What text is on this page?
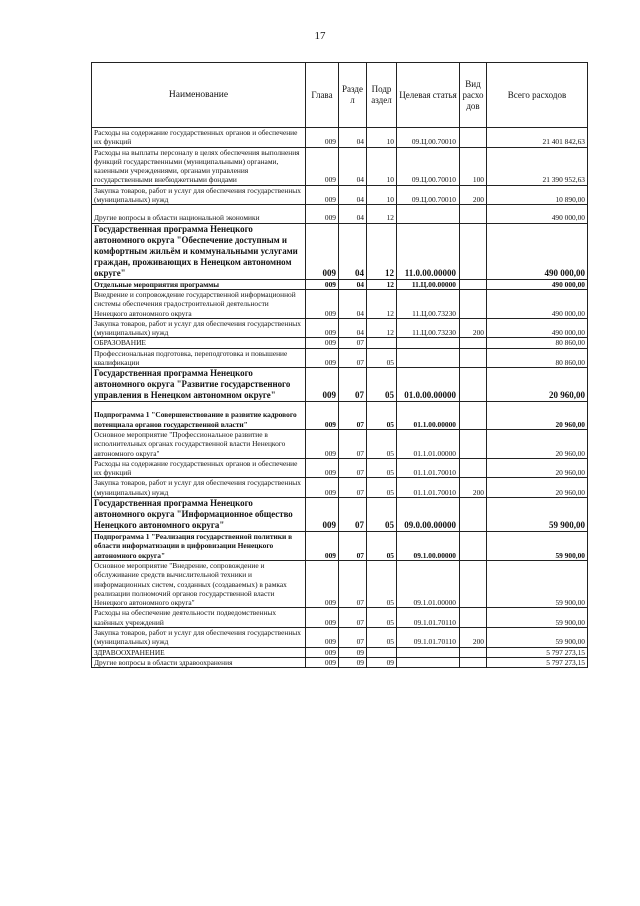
17
Наименование	Глава	Разде л	Подр аздел	Целевая статья	Вид расхо дов	Всего расходов
Расходы на содержание государственных органов и обеспечение их функций	009	04	10	09.Ц.00.70010		21 401 842,63
Расходы на выплаты персоналу в целях обеспечения выполнения функций государственными (муниципальными) органами, казенными учреждениями, органами управления государственными внебюджетными фондами	009	04	10	09.Ц.00.70010	100	21 390 952,63
Закупка товаров, работ и услуг для обеспечения государственных (муниципальных) нужд	009	04	10	09.Ц.00.70010	200	10 890,00
Другие вопросы в области национальной экономики	009	04	12			490 000,00
Государственная программа Ненецкого автономного округа "Обеспечение доступным и комфортным жильём и коммунальными услугами граждан, проживающих в Ненецком автономном округе"	009	04	12	11.0.00.00000		490 000,00
Отдельные мероприятия программы	009	04	12	11.Ц.00.00000		490 000,00
Внедрение и сопровождение государственной информационной системы обеспечения градостроительной деятельности Ненецкого автономного округа	009	04	12	11.Ц.00.73230		490 000,00
Закупка товаров, работ и услуг для обеспечения государственных (муниципальных) нужд	009	04	12	11.Ц.00.73230	200	490 000,00
ОБРАЗОВАНИЕ	009	07				80 860,00
Профессиональная подготовка, переподготовка и повышение квалификации	009	07	05			80 860,00
Государственная программа Ненецкого автономного округа "Развитие государственного управления в Ненецком автономном округе"	009	07	05	01.0.00.00000		20 960,00
Подпрограмма 1 "Совершенствование в развитие кадрового потенциала органов государственной власти"	009	07	05	01.1.00.00000		20 960,00
Основное мероприятие "Профессиональное развитие в исполнительных органах государственной власти Ненецкого автономного округа"	009	07	05	01.1.01.00000		20 960,00
Расходы на содержание государственных органов и обеспечение их функций	009	07	05	01.1.01.70010		20 960,00
Закупка товаров, работ и услуг для обеспечения государственных (муниципальных) нужд	009	07	05	01.1.01.70010	200	20 960,00
Государственная программа Ненецкого автономного округа "Информационное общество Ненецкого автономного округа"	009	07	05	09.0.00.00000		59 900,00
Подпрограмма 1 "Реализация государственной политики в области информатизации в цифровизации Ненецкого автономного округа"	009	07	05	09.1.00.00000		59 900,00
Основное мероприятие "Внедрение, сопровождение и обслуживание средств вычислительной техники и информационных систем, созданных (создаваемых) в рамках реализации полномочий органов государственной власти Ненецкого автономного округа"	009	07	05	09.1.01.00000		59 900,00
Расходы на обеспечение деятельности подведомственных казённых учреждений	009	07	05	09.1.01.70110		59 900,00
Закупка товаров, работ и услуг для обеспечения государственных (муниципальных) нужд	009	07	05	09.1.01.70110	200	59 900,00
ЗДРАВООХРАНЕНИЕ	009	09				5 797 273,15
Другие вопросы в области здравоохранения	009	09	09			5 797 273,15
